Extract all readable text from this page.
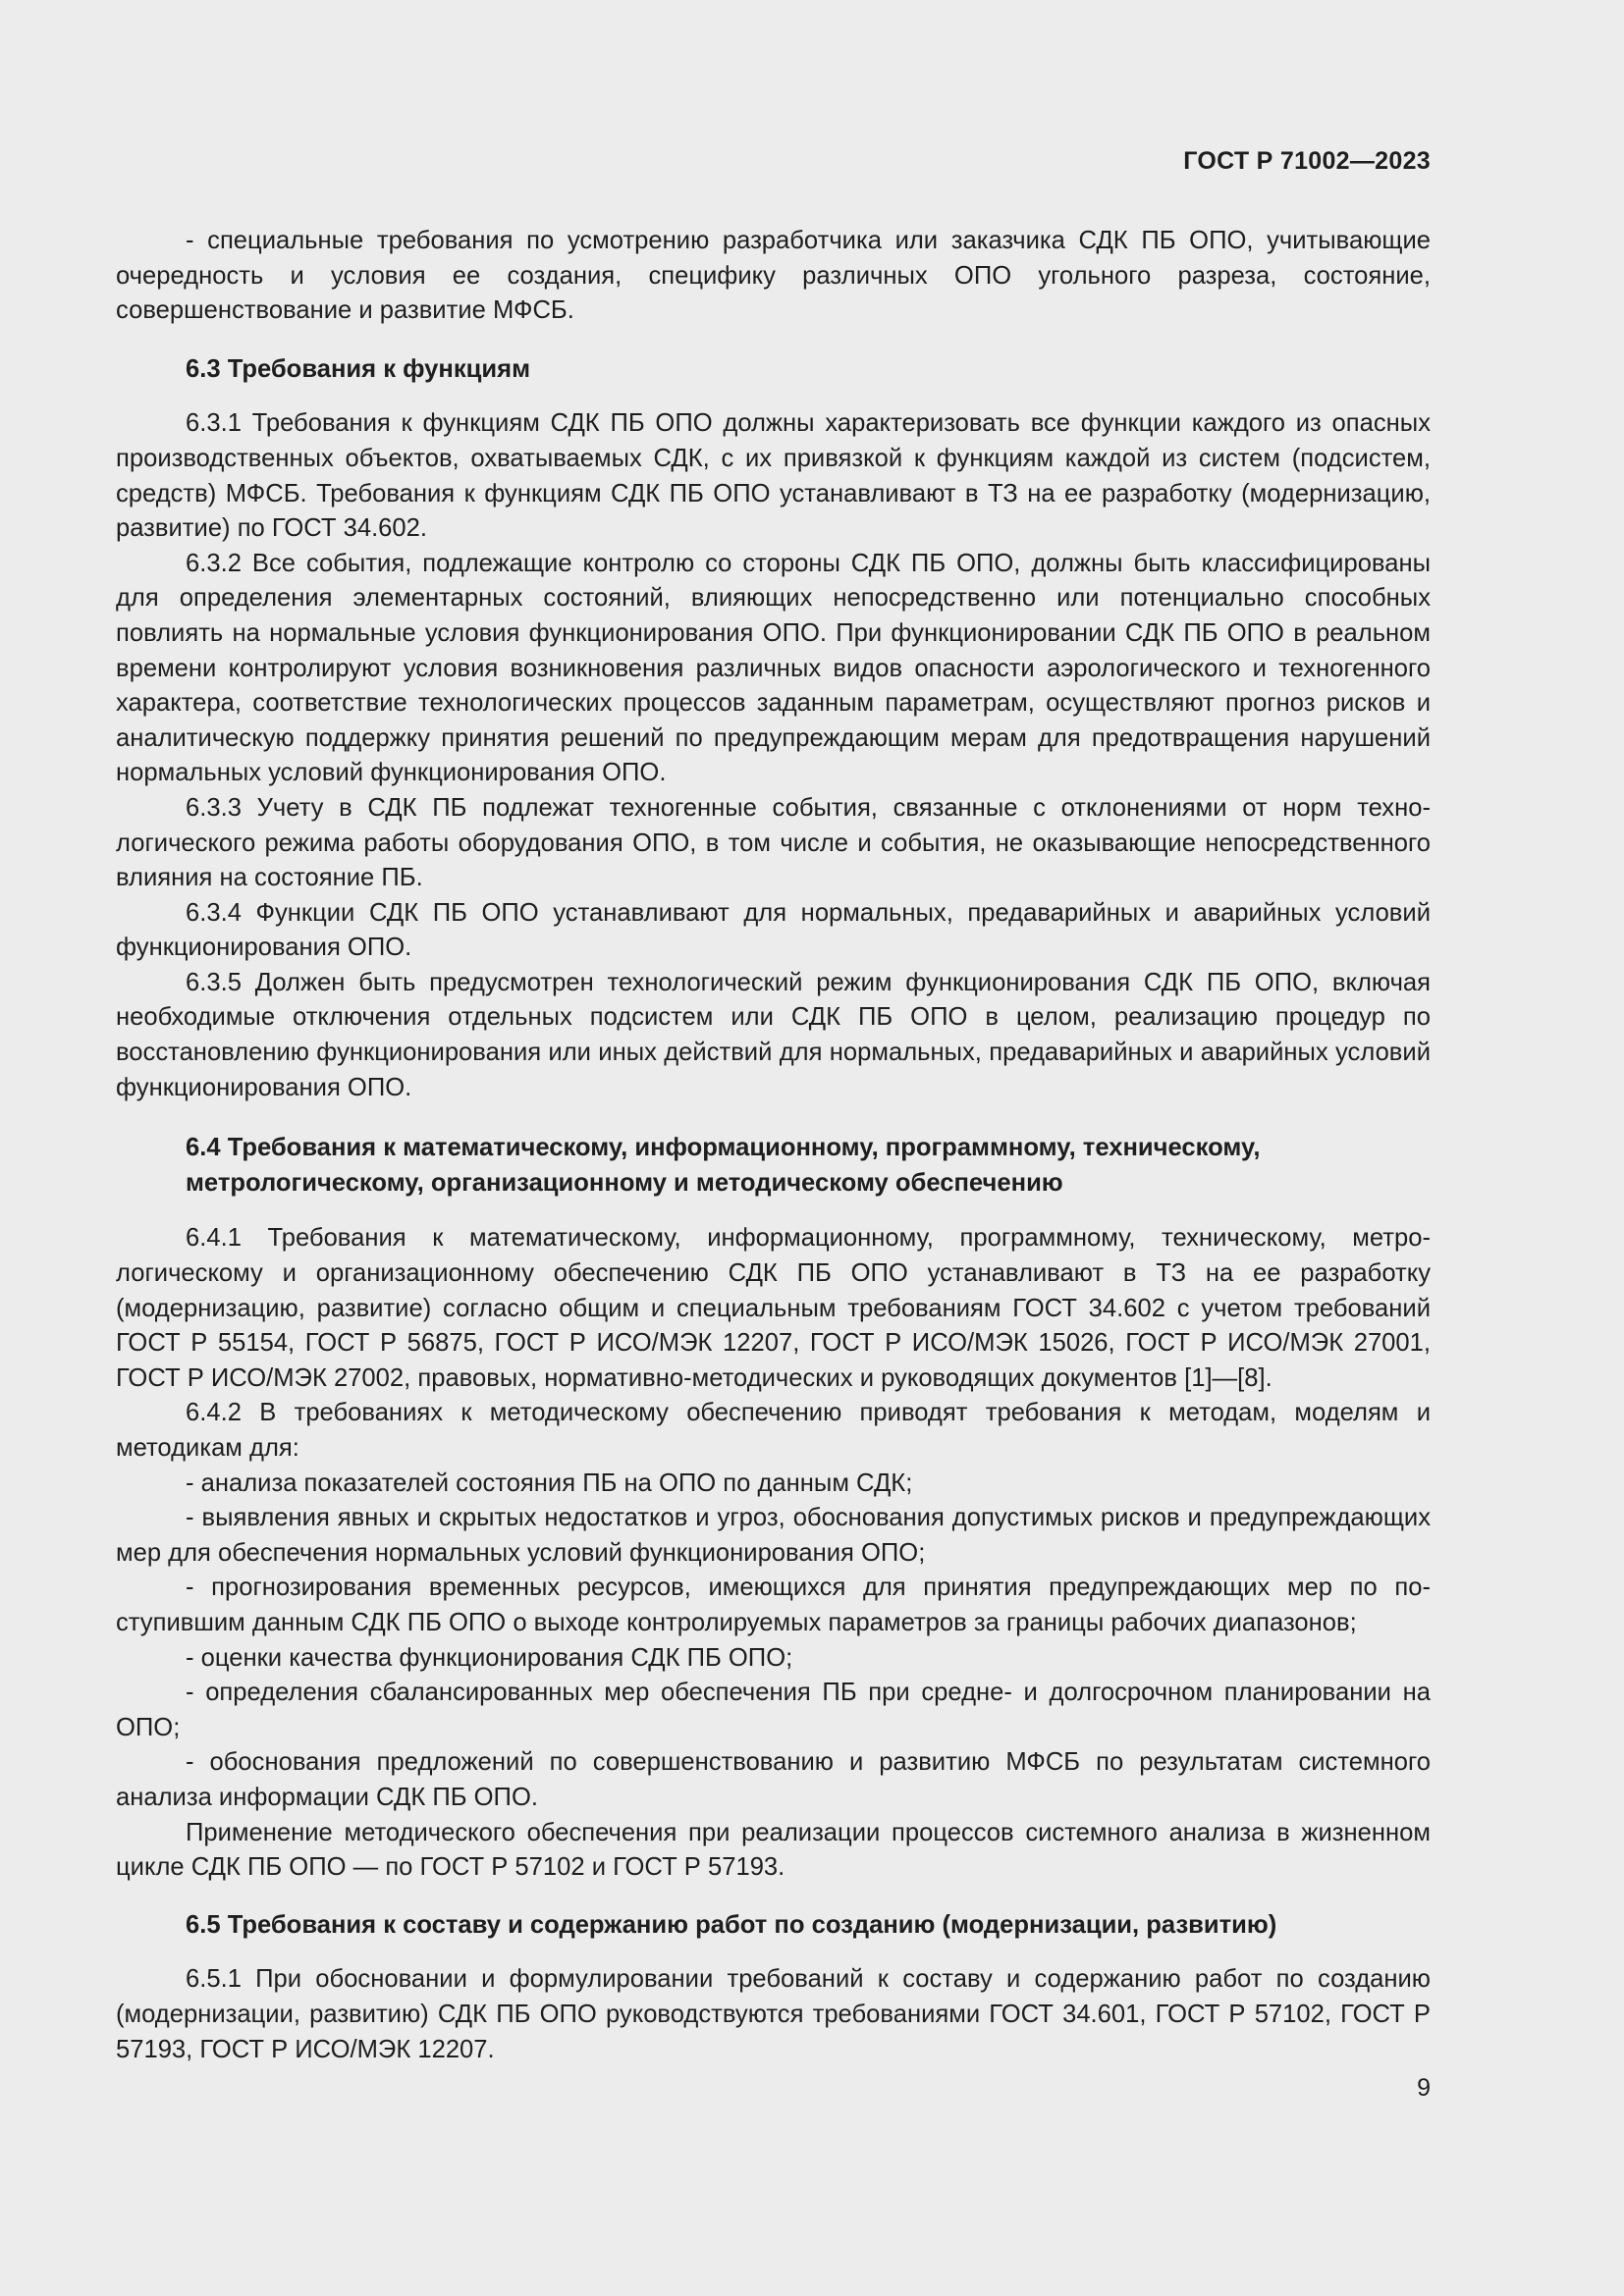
ГОСТ Р 71002—2023

- специальные требования по усмотрению разработчика или заказчика СДК ПБ ОПО, учитывающие очередность и условия ее создания, специфику различных ОПО угольного разреза, состояние, совершенствование и развитие МФСБ.

6.3 Требования к функциям

6.3.1 Требования к функциям СДК ПБ ОПО должны характеризовать все функции каждого из опасных производственных объектов, охватываемых СДК, с их привязкой к функциям каждой из систем (подсистем, средств) МФСБ. Требования к функциям СДК ПБ ОПО устанавливают в ТЗ на ее разработку (модернизацию, развитие) по ГОСТ 34.602.

6.3.2 Все события, подлежащие контролю со стороны СДК ПБ ОПО, должны быть классифицированы для определения элементарных состояний, влияющих непосредственно или потенциально способных повлиять на нормальные условия функционирования ОПО. При функционировании СДК ПБ ОПО в реальном времени контролируют условия возникновения различных видов опасности аэрологического и техногенного характера, соответствие технологических процессов заданным параметрам, осуществляют прогноз рисков и аналитическую поддержку принятия решений по предупреждающим мерам для предотвращения нарушений нормальных условий функционирования ОПО.

6.3.3 Учету в СДК ПБ подлежат техногенные события, связанные с отклонениями от норм технологического режима работы оборудования ОПО, в том числе и события, не оказывающие непосредственного влияния на состояние ПБ.

6.3.4 Функции СДК ПБ ОПО устанавливают для нормальных, предаварийных и аварийных условий функционирования ОПО.

6.3.5 Должен быть предусмотрен технологический режим функционирования СДК ПБ ОПО, включая необходимые отключения отдельных подсистем или СДК ПБ ОПО в целом, реализацию процедур по восстановлению функционирования или иных действий для нормальных, предаварийных и аварийных условий функционирования ОПО.

6.4 Требования к математическому, информационному, программному, техническому, метрологическому, организационному и методическому обеспечению

6.4.1 Требования к математическому, информационному, программному, техническому, метрологическому и организационному обеспечению СДК ПБ ОПО устанавливают в ТЗ на ее разработку (модернизацию, развитие) согласно общим и специальным требованиям ГОСТ 34.602 с учетом требований ГОСТ Р 55154, ГОСТ Р 56875, ГОСТ Р ИСО/МЭК 12207, ГОСТ Р ИСО/МЭК 15026, ГОСТ Р ИСО/МЭК 27001, ГОСТ Р ИСО/МЭК 27002, правовых, нормативно-методических и руководящих документов [1]—[8].

6.4.2 В требованиях к методическому обеспечению приводят требования к методам, моделям и методикам для:

- анализа показателей состояния ПБ на ОПО по данным СДК;

- выявления явных и скрытых недостатков и угроз, обоснования допустимых рисков и предупреждающих мер для обеспечения нормальных условий функционирования ОПО;

- прогнозирования временных ресурсов, имеющихся для принятия предупреждающих мер по поступившим данным СДК ПБ ОПО о выходе контролируемых параметров за границы рабочих диапазонов;

- оценки качества функционирования СДК ПБ ОПО;

- определения сбалансированных мер обеспечения ПБ при средне- и долгосрочном планировании на ОПО;

- обоснования предложений по совершенствованию и развитию МФСБ по результатам системного анализа информации СДК ПБ ОПО.

Применение методического обеспечения при реализации процессов системного анализа в жизненном цикле СДК ПБ ОПО — по ГОСТ Р 57102 и ГОСТ Р 57193.

6.5 Требования к составу и содержанию работ по созданию (модернизации, развитию)

6.5.1 При обосновании и формулировании требований к составу и содержанию работ по созданию (модернизации, развитию) СДК ПБ ОПО руководствуются требованиями ГОСТ 34.601, ГОСТ Р 57102, ГОСТ Р 57193, ГОСТ Р ИСО/МЭК 12207.

9
